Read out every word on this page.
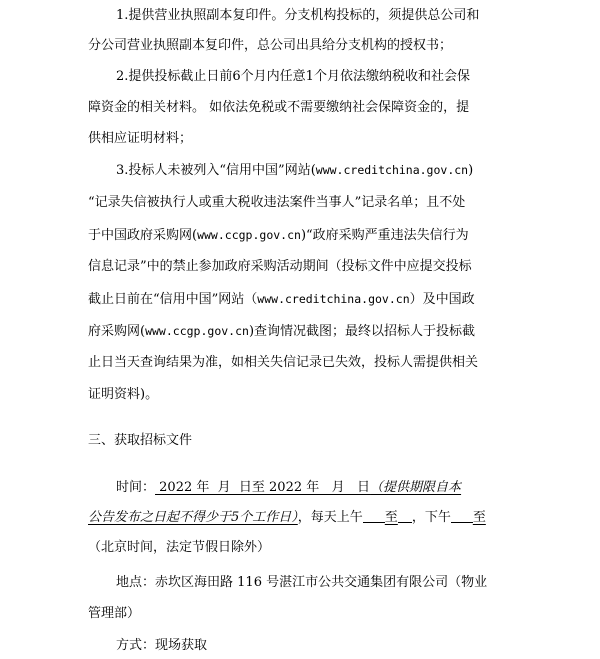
1.提供营业执照副本复印件。分支机构投标的，须提供总公司和
分公司营业执照副本复印件，总公司出具给分支机构的授权书；
2.提供投标截止日前6个月内任意1个月依法缴纳税收和社会保
障资金的相关材料。 如依法免税或不需要缴纳社会保障资金的，提
供相应证明材料；
3.投标人未被列入“信用中国”网站(www.creditchina.gov.cn)
“记录失信被执行人或重大税收违法案件当事人”记录名单；且不处
于中国政府采购网(www.ccgp.gov.cn)“政府采购严重违法失信行为
信息记录”中的禁止参加政府采购活动期间（投标文件中应提交投标
截止日前在“信用中国”网站（www.creditchina.gov.cn）及中国政
府采购网(www.ccgp.gov.cn)查询情况截图；最终以招标人于投标截
止日当天查询结果为准，如相关失信记录已失效，投标人需提供相关
证明资料)。
三、获取招标文件
时间： 2022 年  月  日至 2022 年   月   日（提供期限自本
公告发布之日起不得少于5个工作日），每天上午 至 ，下午 至
（北京时间，法定节假日除外）
地点：赤坎区海田路 116 号湛江市公共交通集团有限公司（物业
管理部）
方式：现场获取
